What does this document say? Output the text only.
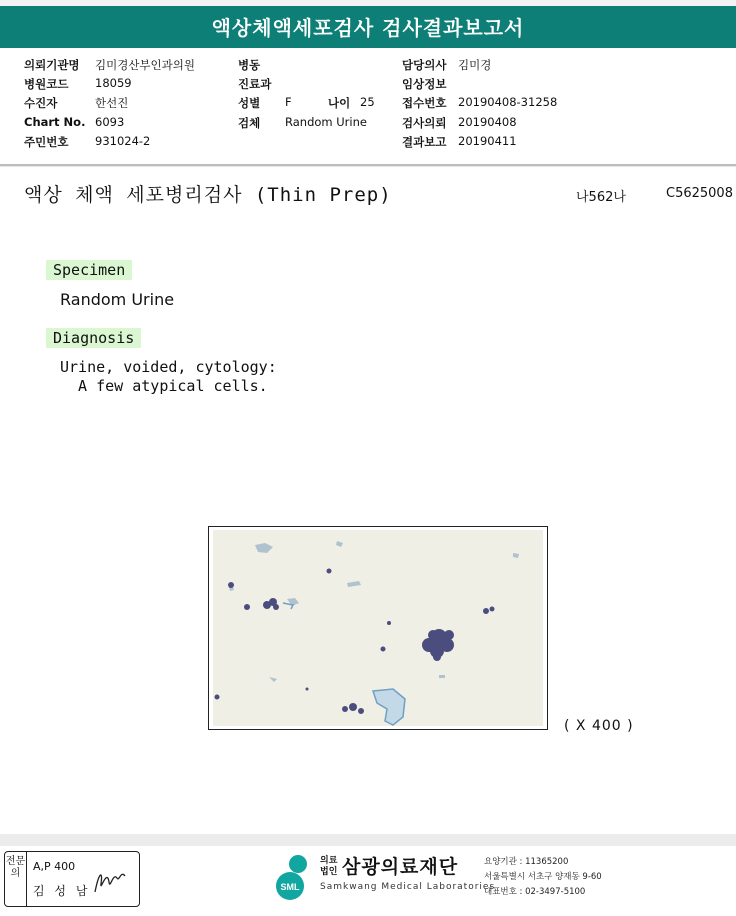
액상체액세포검사 검사결과보고서
의뢰기관명 김미경산부인과의원
병원코드 18059
수진자	한선진
Chart No. 6093
주민번호 931024-2
병동
진료과
성별 F	나이 25
검체 Random Urine
담당의사 김미경
임상정보
접수번호 20190408-31258
검사의뢰 20190408
결과보고 20190411
액상 체액 세포병리검사 (Thin Prep)	나562나	C5625008
Specimen
Random Urine
Diagnosis
Urine, voided, cytology:
A few atypical cells.
( X 400 )
전문의
A,P 400
김 성 남	SML
의료
법인 삼광의료재단
Samkwang Medical Laboratories
요양기관 : 11365200
서울특별시 서초구 양재동 9-60
대표번호 : 02-3497-5100
